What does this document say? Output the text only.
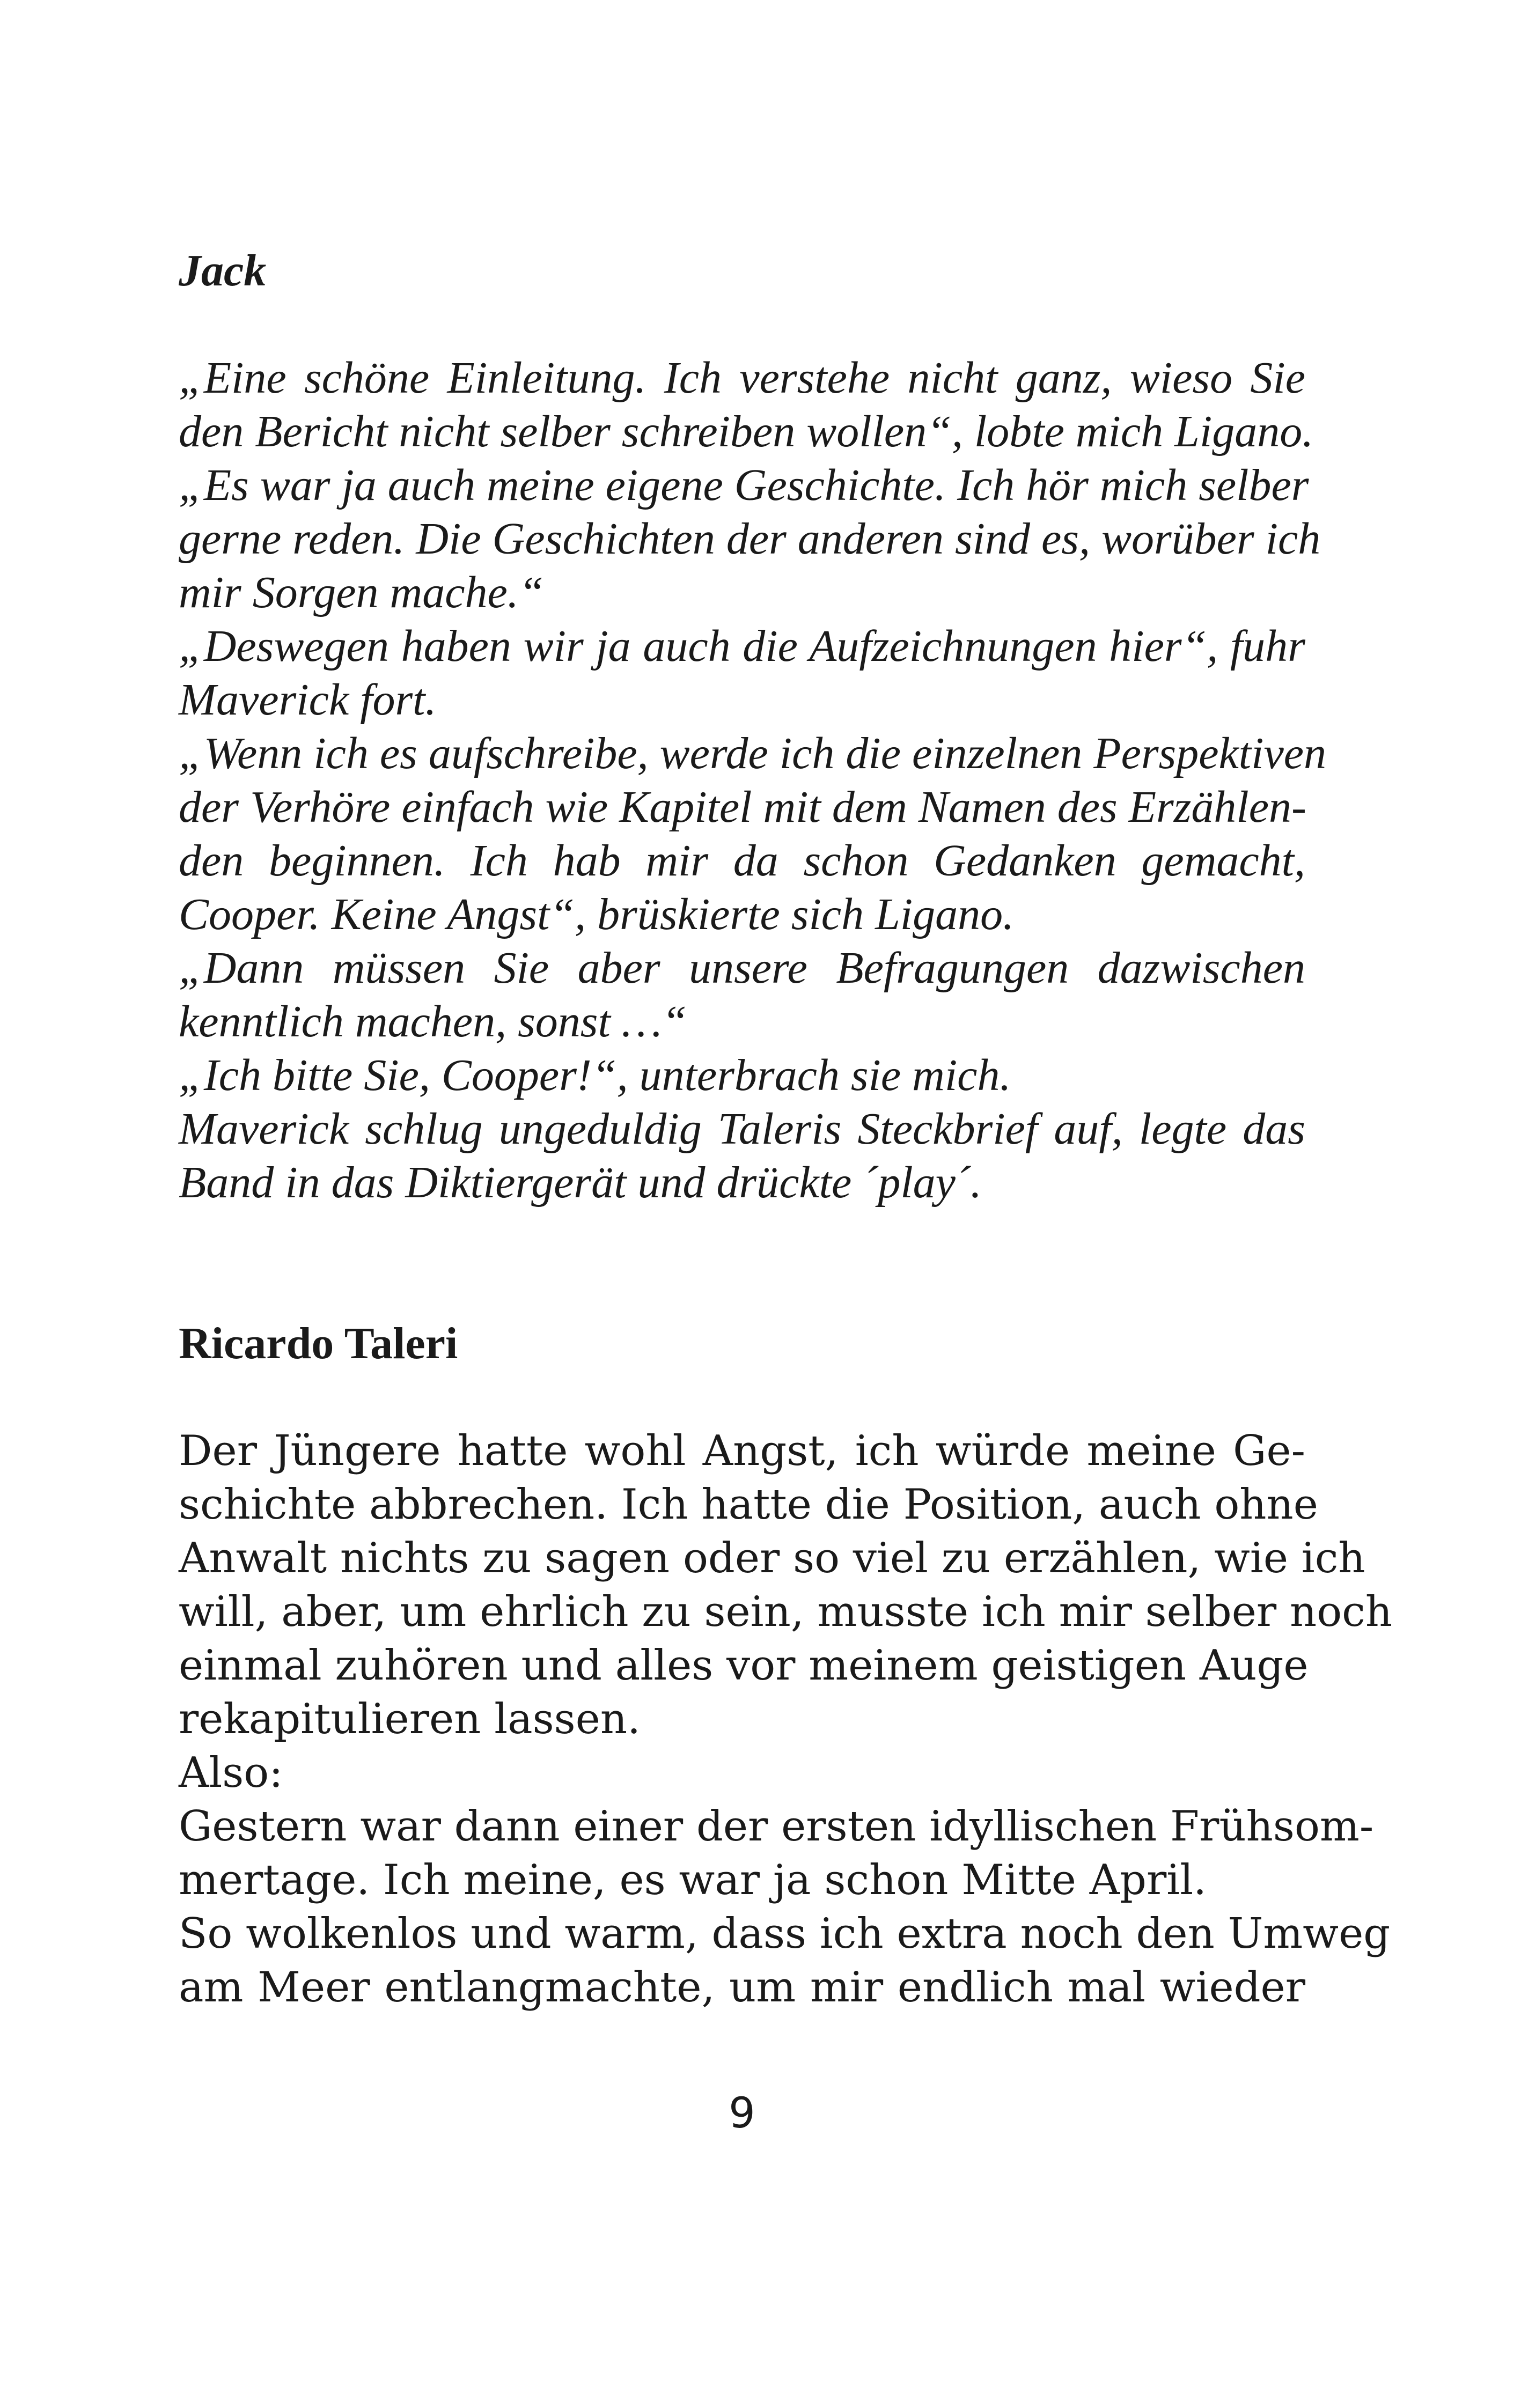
Jack
„Eine schöne Einleitung. Ich verstehe nicht ganz, wieso Sie
den Bericht nicht selber schreiben wollen“, lobte mich Ligano.
„Es war ja auch meine eigene Geschichte. Ich hör mich selber
gerne reden. Die Geschichten der anderen sind es, worüber ich
mir Sorgen mache.“
„Deswegen haben wir ja auch die Aufzeichnungen hier“, fuhr
Maverick fort.
„Wenn ich es aufschreibe, werde ich die einzelnen Perspektiven
der Verhöre einfach wie Kapitel mit dem Namen des Erzählen-
den beginnen. Ich hab mir da schon Gedanken gemacht,
Cooper. Keine Angst“, brüskierte sich Ligano.
„Dann müssen Sie aber unsere Befragungen dazwischen
kenntlich machen, sonst …“
„Ich bitte Sie, Cooper!“, unterbrach sie mich.
Maverick schlug ungeduldig Taleris Steckbrief auf, legte das
Band in das Diktiergerät und drückte ´play´.
Ricardo Taleri
Der Jüngere hatte wohl Angst, ich würde meine Ge-
schichte abbrechen. Ich hatte die Position, auch ohne
Anwalt nichts zu sagen oder so viel zu erzählen, wie ich
will, aber, um ehrlich zu sein, musste ich mir selber noch
einmal zuhören und alles vor meinem geistigen Auge
rekapitulieren lassen.
Also:
Gestern war dann einer der ersten idyllischen Frühsom-
mertage. Ich meine, es war ja schon Mitte April.
So wolkenlos und warm, dass ich extra noch den Umweg
am Meer entlangmachte, um mir endlich mal wieder
9
